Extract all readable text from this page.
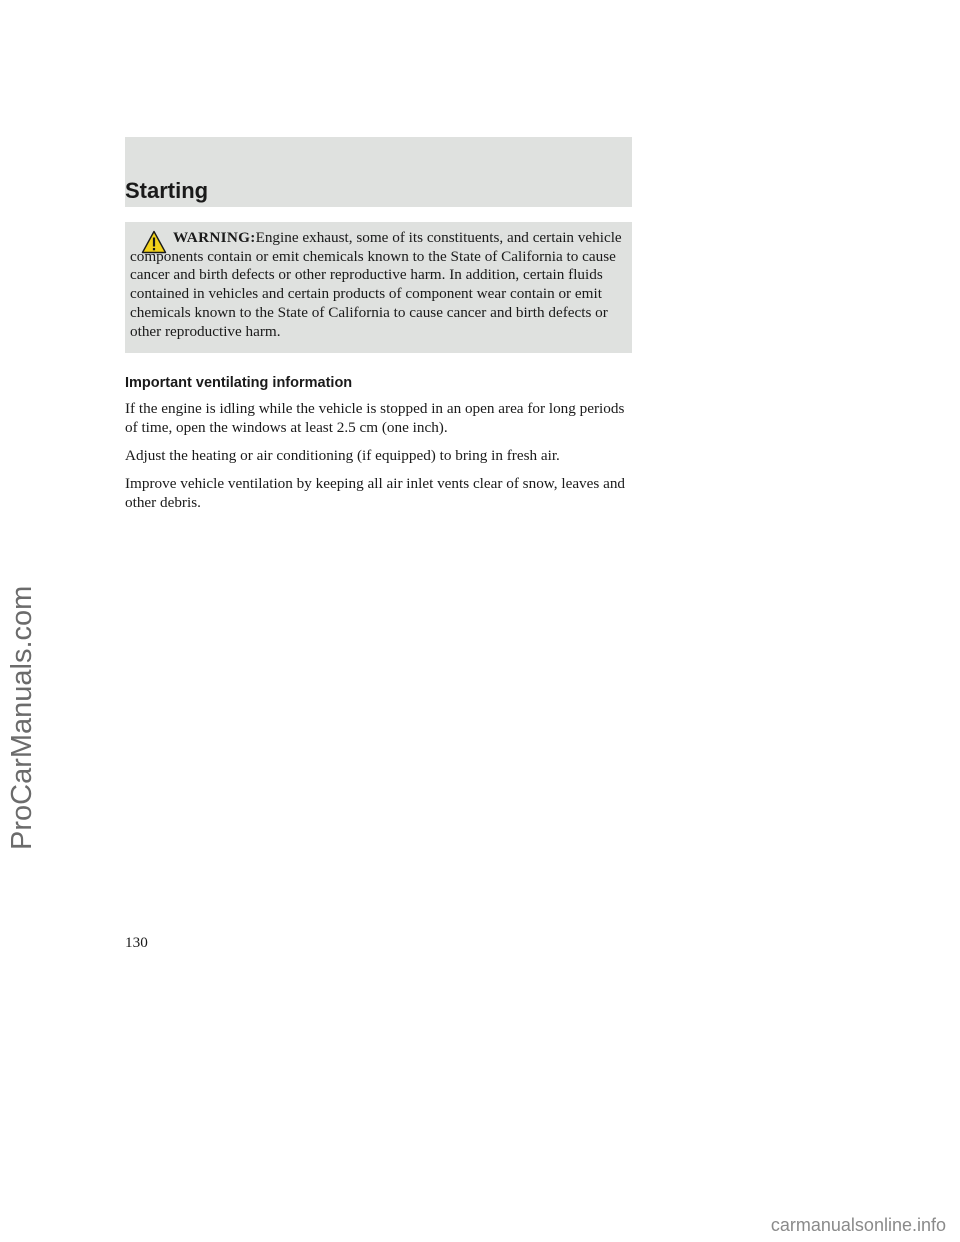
Starting

WARNING:Engine exhaust, some of its constituents, and certain vehicle components contain or emit chemicals known to the State of California to cause cancer and birth defects or other reproductive harm. In addition, certain fluids contained in vehicles and certain products of component wear contain or emit chemicals known to the State of California to cause cancer and birth defects or other reproductive harm.

Important ventilating information

If the engine is idling while the vehicle is stopped in an open area for long periods of time, open the windows at least 2.5 cm (one inch).

Adjust the heating or air conditioning (if equipped) to bring in fresh air.

Improve vehicle ventilation by keeping all air inlet vents clear of snow, leaves and other debris.

130
ProCarManuals.com
carmanualsonline.info
